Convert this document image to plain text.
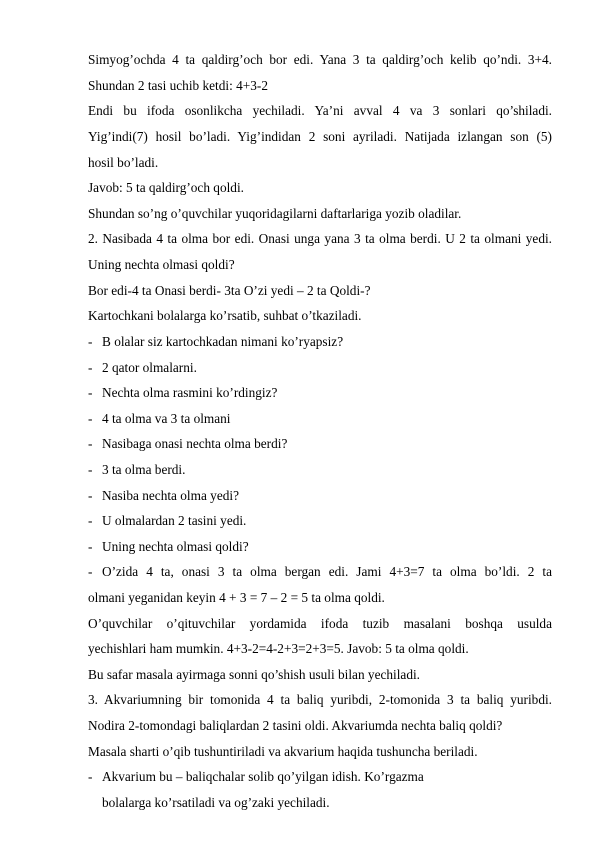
Simyog’ochda 4 ta qaldirg’och bor edi. Yana 3 ta qaldirg’och kelib qo’ndi. 3+4.
Shundan 2 tasi uchib ketdi: 4+3-2
Endi bu ifoda osonlikcha yechiladi. Ya’ni avval 4 va 3 sonlari qo’shiladi.
Yig’indi(7) hosil bo’ladi. Yig’indidan 2 soni ayriladi. Natijada izlangan son (5)
hosil bo’ladi.
Javob: 5 ta qaldirg’och qoldi.
Shundan so’ng o’quvchilar yuqoridagilarni daftarlariga yozib oladilar.
2. Nasibada 4 ta olma bor edi. Onasi unga yana 3 ta olma berdi. U 2 ta olmani yedi.
Uning nechta olmasi qoldi?
Bor edi-4 ta Onasi berdi- 3ta O’zi yedi – 2 ta Qoldi-?
Kartochkani bolalarga ko’rsatib, suhbat o’tkaziladi.
- B olalar siz kartochkadan nimani ko’ryapsiz?
- 2 qator olmalarni.
- Nechta olma rasmini ko’rdingiz?
- 4 ta olma va 3 ta olmani
- Nasibaga onasi nechta olma berdi?
- 3 ta olma berdi.
- Nasiba nechta olma yedi?
- U olmalardan 2 tasini yedi.
- Uning nechta olmasi qoldi?
- O’zida 4 ta, onasi 3 ta olma bergan edi. Jami 4+3=7 ta olma bo’ldi. 2 ta
olmani yeganidan keyin 4 + 3 = 7 – 2 = 5 ta olma qoldi.
O’quvchilar o’qituvchilar yordamida ifoda tuzib masalani boshqa usulda
yechishlari ham mumkin. 4+3-2=4-2+3=2+3=5. Javob: 5 ta olma qoldi.
Bu safar masala ayirmaga sonni qo’shish usuli bilan yechiladi.
3. Akvariumning bir tomonida 4 ta baliq yuribdi, 2-tomonida 3 ta baliq yuribdi.
Nodira 2-tomondagi baliqlardan 2 tasini oldi. Akvariumda nechta baliq qoldi?
Masala sharti o’qib tushuntiriladi va akvarium haqida tushuncha beriladi.
- Akvarium bu – baliqchalar solib qo’yilgan idish. Ko’rgazma
bolalarga ko’rsatiladi va og’zaki yechiladi.
